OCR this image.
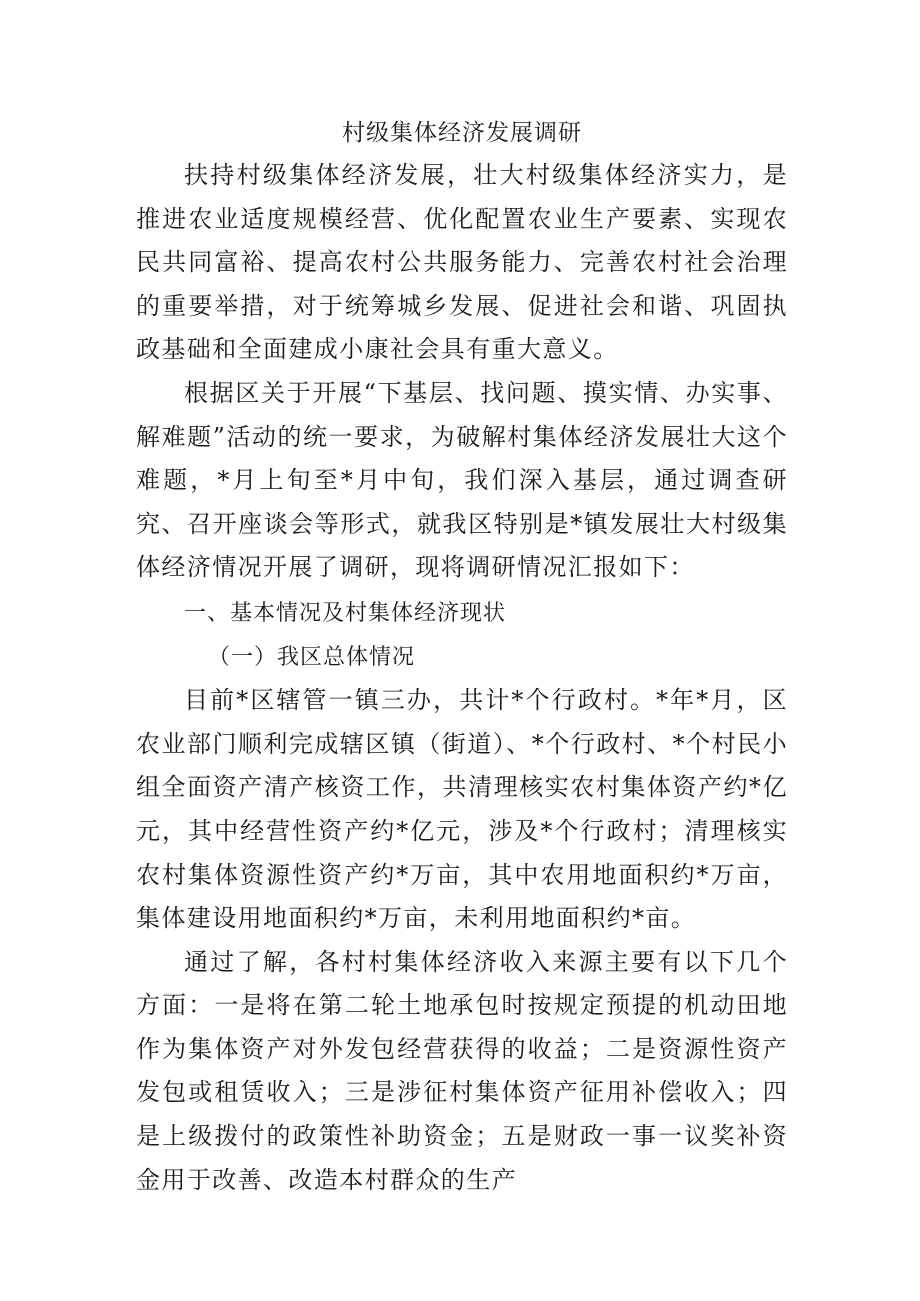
村级集体经济发展调研

扶持村级集体经济发展，壮大村级集体经济实力，是推进农业适度规模经营、优化配置农业生产要素、实现农民共同富裕、提高农村公共服务能力、完善农村社会治理的重要举措，对于统筹城乡发展、促进社会和谐、巩固执政基础和全面建成小康社会具有重大意义。

根据区关于开展“下基层、找问题、摸实情、办实事、解难题”活动的统一要求，为破解村集体经济发展壮大这个难题，*月上旬至*月中旬，我们深入基层，通过调查研究、召开座谈会等形式，就我区特别是*镇发展壮大村级集体经济情况开展了调研，现将调研情况汇报如下：

一、基本情况及村集体经济现状

（一）我区总体情况

目前*区辖管一镇三办，共计*个行政村。*年*月，区农业部门顺利完成辖区镇（街道）、*个行政村、*个村民小组全面资产清产核资工作，共清理核实农村集体资产约*亿元，其中经营性资产约*亿元，涉及*个行政村；清理核实农村集体资源性资产约*万亩，其中农用地面积约*万亩，集体建设用地面积约*万亩，未利用地面积约*亩。

通过了解，各村村集体经济收入来源主要有以下几个方面：一是将在第二轮土地承包时按规定预提的机动田地作为集体资产对外发包经营获得的收益；二是资源性资产发包或租赁收入；三是涉征村集体资产征用补偿收入；四是上级拨付的政策性补助资金；五是财政一事一议奖补资金用于改善、改造本村群众的生产
